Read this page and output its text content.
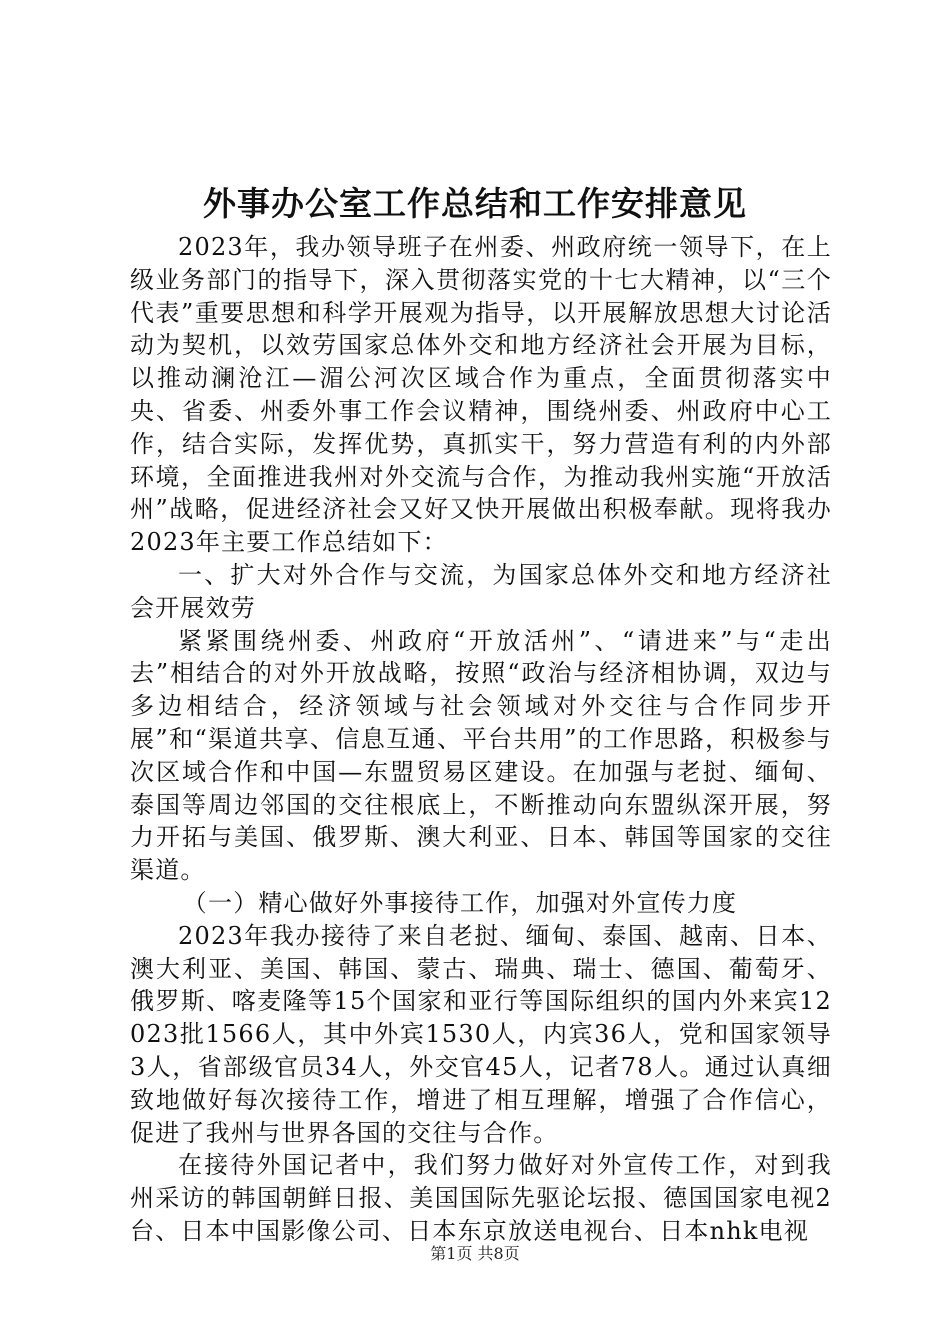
外事办公室工作总结和工作安排意见

2023年，我办领导班子在州委、州政府统一领导下，在上级业务部门的指导下，深入贯彻落实党的十七大精神，以“三个代表”重要思想和科学开展观为指导，以开展解放思想大讨论活动为契机，以效劳国家总体外交和地方经济社会开展为目标，以推动澜沧江—湄公河次区域合作为重点，全面贯彻落实中央、省委、州委外事工作会议精神，围绕州委、州政府中心工作，结合实际，发挥优势，真抓实干，努力营造有利的内外部环境，全面推进我州对外交流与合作，为推动我州实施“开放活州”战略，促进经济社会又好又快开展做出积极奉献。现将我办2023年主要工作总结如下：

一、扩大对外合作与交流，为国家总体外交和地方经济社会开展效劳

紧紧围绕州委、州政府“开放活州”、“请进来”与“走出去”相结合的对外开放战略，按照“政治与经济相协调，双边与多边相结合，经济领域与社会领域对外交往与合作同步开展”和“渠道共享、信息互通、平台共用”的工作思路，积极参与次区域合作和中国—东盟贸易区建设。在加强与老挝、缅甸、泰国等周边邻国的交往根底上，不断推动向东盟纵深开展，努力开拓与美国、俄罗斯、澳大利亚、日本、韩国等国家的交往渠道。

（一）精心做好外事接待工作，加强对外宣传力度

2023年我办接待了来自老挝、缅甸、泰国、越南、日本、澳大利亚、美国、韩国、蒙古、瑞典、瑞士、德国、葡萄牙、俄罗斯、喀麦隆等15个国家和亚行等国际组织的国内外来宾12023批1566人，其中外宾1530人，内宾36人，党和国家领导3人，省部级官员34人，外交官45人，记者78人。通过认真细致地做好每次接待工作，增进了相互理解，增强了合作信心，促进了我州与世界各国的交往与合作。

在接待外国记者中，我们努力做好对外宣传工作，对到我州采访的韩国朝鲜日报、美国国际先驱论坛报、德国国家电视2台、日本中国影像公司、日本东京放送电视台、日本nhk电视

第1页 共8页
